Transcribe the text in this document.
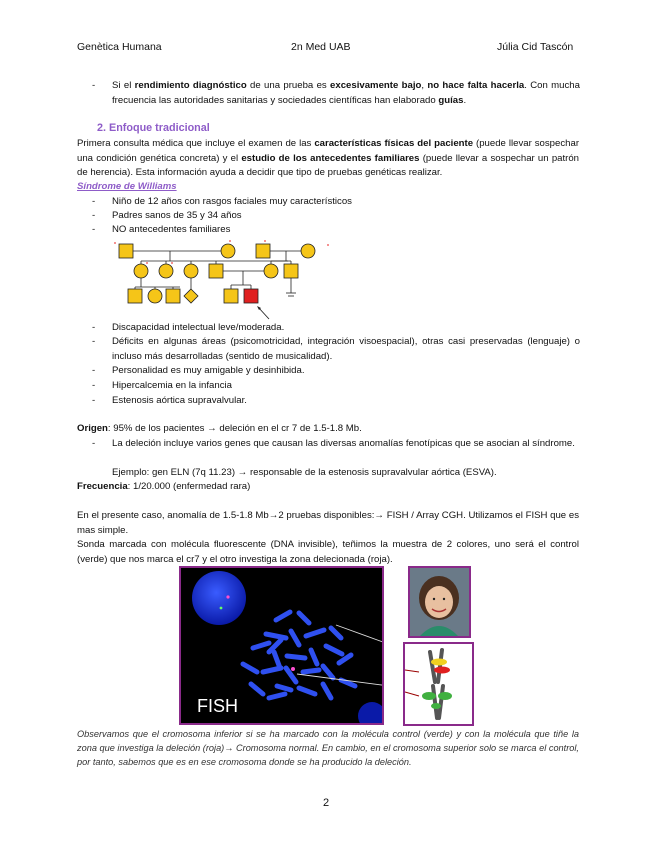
Genètica Humana	2n Med UAB	Júlia Cid Tascón
- Si el rendimiento diagnóstico de una prueba es excesivamente bajo, no hace falta hacerla. Con mucha frecuencia las autoridades sanitarias y sociedades científicas han elaborado guías.
2. Enfoque tradicional
Primera consulta médica que incluye el examen de las características físicas del paciente (puede llevar sospechar una condición genética concreta) y el estudio de los antecedentes familiares (puede llevar a sospechar un patrón de herencia). Esta información ayuda a decidir que tipo de pruebas genéticas realizar.
Síndrome de Williams
- Niño de 12 años con rasgos faciales muy característicos
- Padres sanos de 35 y 34 años
- NO antecedentes familiares
- Discapacidad intelectual leve/moderada.
- Déficits en algunas áreas (psicomotricidad, integración visoespacial), otras casi preservadas (lenguaje) o incluso más desarrolladas (sentido de musicalidad).
- Personalidad es muy amigable y desinhibida.
- Hipercalcemia en la infancia
- Estenosis aórtica supravalvular.
Origen: 95% de los pacientes → deleción en el cr 7 de 1.5-1.8 Mb.
- La deleción incluye varios genes que causan las diversas anomalías fenotípicas que se asocian al síndrome.
Ejemplo: gen ELN (7q 11.23) → responsable de la estenosis supravalvular aórtica (ESVA).
Frecuencia: 1/20.000 (enfermedad rara)
En el presente caso, anomalía de 1.5-1.8 Mb→2 pruebas disponibles:→ FISH / Array CGH. Utilizamos el FISH que es mas simple.
Sonda marcada con molécula fluorescente (DNA invisible), teñimos la muestra de 2 colores, uno será el control (verde) que nos marca el cr7 y el otro investiga la zona delecionada (roja).
FISH
Observamos que el cromosoma inferior si se ha marcado con la molécula control (verde) y con la molécula que tiñe la zona que investiga la deleción (roja)→ Cromosoma normal. En cambio, en el cromosoma superior solo se marca el control, por tanto, sabemos que es en ese cromosoma donde se ha producido la deleción.
2
